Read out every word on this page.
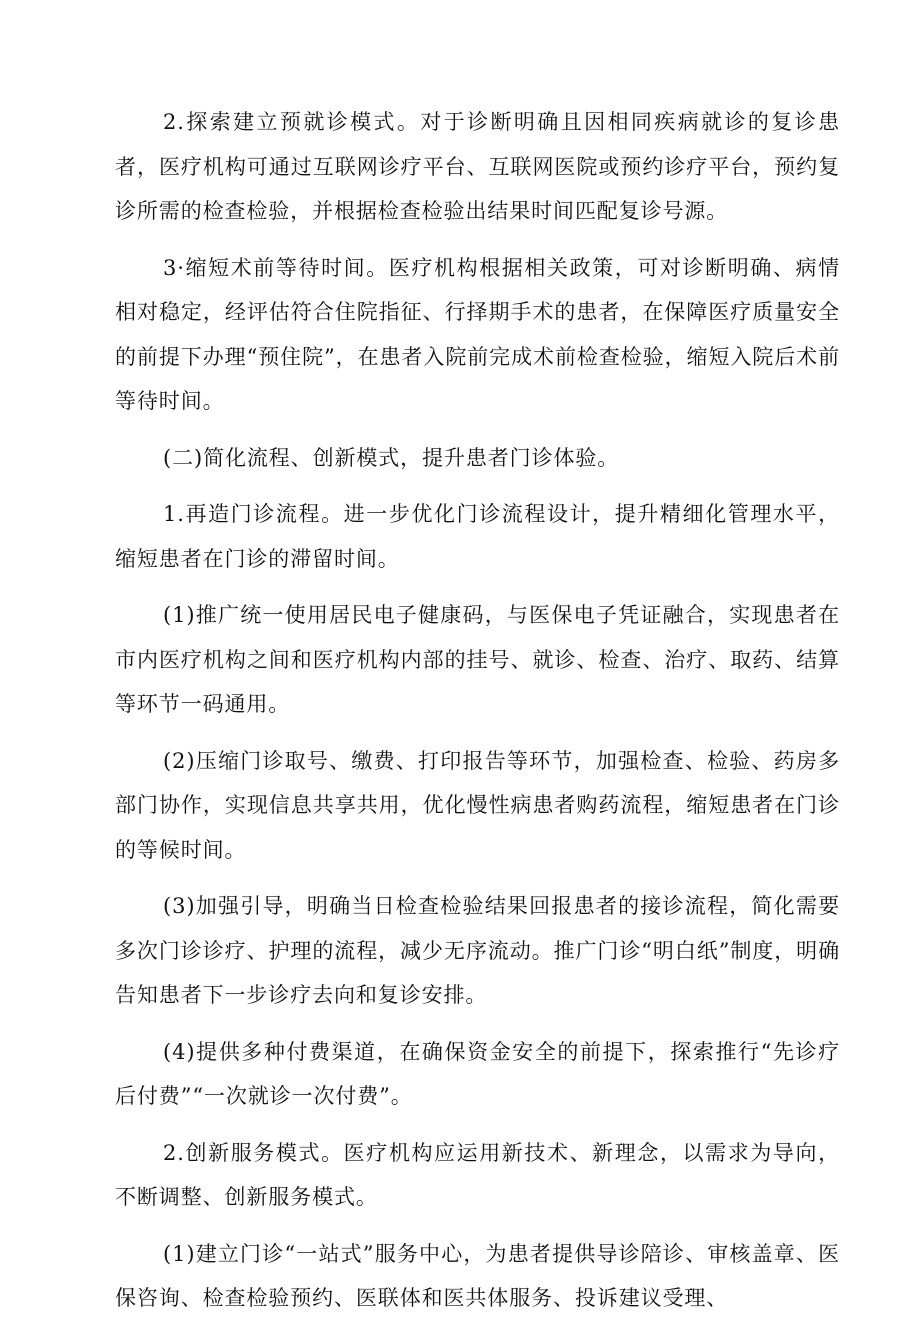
2.探索建立预就诊模式。对于诊断明确且因相同疾病就诊的复诊患者，医疗机构可通过互联网诊疗平台、互联网医院或预约诊疗平台，预约复诊所需的检查检验，并根据检查检验出结果时间匹配复诊号源。

3·缩短术前等待时间。医疗机构根据相关政策，可对诊断明确、病情相对稳定，经评估符合住院指征、行择期手术的患者，在保障医疗质量安全的前提下办理“预住院”，在患者入院前完成术前检查检验，缩短入院后术前等待时间。

(二)简化流程、创新模式，提升患者门诊体验。

1.再造门诊流程。进一步优化门诊流程设计，提升精细化管理水平，缩短患者在门诊的滞留时间。

(1)推广统一使用居民电子健康码，与医保电子凭证融合，实现患者在市内医疗机构之间和医疗机构内部的挂号、就诊、检查、治疗、取药、结算等环节一码通用。

(2)压缩门诊取号、缴费、打印报告等环节，加强检查、检验、药房多部门协作，实现信息共享共用，优化慢性病患者购药流程，缩短患者在门诊的等候时间。

(3)加强引导，明确当日检查检验结果回报患者的接诊流程，简化需要多次门诊诊疗、护理的流程，减少无序流动。推广门诊“明白纸”制度，明确告知患者下一步诊疗去向和复诊安排。

(4)提供多种付费渠道，在确保资金安全的前提下，探索推行“先诊疗后付费”“一次就诊一次付费”。

2.创新服务模式。医疗机构应运用新技术、新理念，以需求为导向，不断调整、创新服务模式。

(1)建立门诊“一站式”服务中心，为患者提供导诊陪诊、审核盖章、医保咨询、检查检验预约、医联体和医共体服务、投诉建议受理、
